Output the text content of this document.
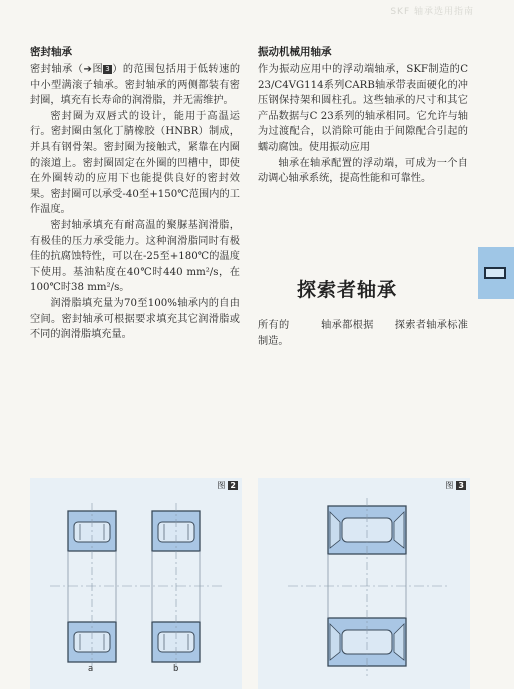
SKF 轴承选用指南

密封轴承

密封轴承（➔图 3 ）的范围包括用于低转速的中小型满滚子轴承。密封轴承的两侧都装有密封圈，填充有长寿命的润滑脂，并无需维护。

密封圈为双唇式的设计，能用于高温运行。密封圈由氢化丁腈橡胶（HNBR）制成，并具有钢骨架。密封圈为接触式，紧靠在内圈的滚道上。密封圈固定在外圈的凹槽中，即使在外圈转动的应用下也能提供良好的密封效果。密封圈可以承受-40至+150℃范围内的工作温度。

密封轴承填充有耐高温的聚脲基润滑脂，有极佳的压力承受能力。这种润滑脂同时有极佳的抗腐蚀特性，可以在-25至+180℃的温度下使用。基油粘度在40℃时440 mm²/s，在100℃时38 mm²/s。

润滑脂填充量为70至100%轴承内的自由空间。密封轴承可根据要求填充其它润滑脂或不同的润滑脂填充量。

振动机械用轴承

作为振动应用中的浮动端轴承，SKF制造的C 23/C4VG114系列CARB轴承带表面硬化的冲压钢保持架和圆柱孔。这些轴承的尺寸和其它产品数据与C 23系列的轴承相同。它允许与轴为过渡配合，以消除可能由于间隙配合引起的蠕动腐蚀。使用振动应用

轴承在轴承配置的浮动端，可成为一个自动调心轴承系统，提高性能和可靠性。

探索者轴承

所有的　　　轴承都根据　　探索者轴承标准制造。

图 2
a	b
图 3
